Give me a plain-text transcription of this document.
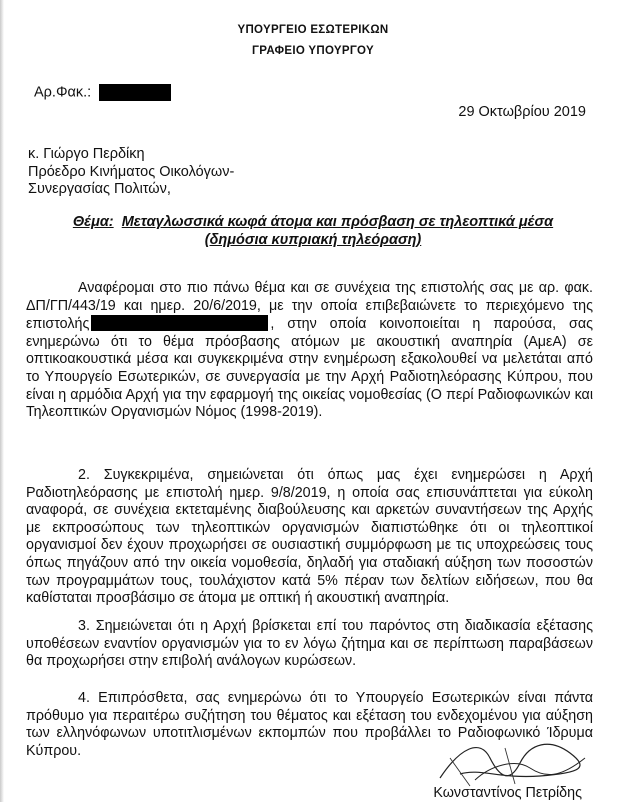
ΥΠΟΥΡΓΕΙΟ ΕΣΩΤΕΡΙΚΩΝ
ΓΡΑΦΕΙΟ ΥΠΟΥΡΓΟΥ
Αρ.Φακ.:
29 Οκτωβρίου 2019
κ. Γιώργο Περδίκη
Πρόεδρο Κινήματος Οικολόγων-
Συνεργασίας Πολιτών,
Θέμα: Μεταγλωσσικά κωφά άτομα και πρόσβαση σε τηλεοπτικά μέσα
(δημόσια κυπριακή τηλεόραση)
Αναφέρομαι στο πιο πάνω θέμα και σε συνέχεια της επιστολής σας με αρ. φακ. ΔΠ/ΓΠ/443/19 και ημερ. 20/6/2019, με την οποία επιβεβαιώνετε το περιεχόμενο της επιστολής	, στην οποία κοινοποιείται η παρούσα, σας ενημερώνω ότι το θέμα πρόσβασης ατόμων με ακουστική αναπηρία (ΑμεΑ) σε οπτικοακουστικά μέσα και συγκεκριμένα στην ενημέρωση εξακολουθεί να μελετάται από το Υπουργείο Εσωτερικών, σε συνεργασία με την Αρχή Ραδιοτηλεόρασης Κύπρου, που είναι η αρμόδια Αρχή για την εφαρμογή της οικείας νομοθεσίας (Ο περί Ραδιοφωνικών και Τηλεοπτικών Οργανισμών Νόμος (1998-2019).
2. Συγκεκριμένα, σημειώνεται ότι όπως μας έχει ενημερώσει η Αρχή Ραδιοτηλεόρασης με επιστολή ημερ. 9/8/2019, η οποία σας επισυνάπτεται για εύκολη αναφορά, σε συνέχεια εκτεταμένης διαβούλευσης και αρκετών συναντήσεων της Αρχής με εκπροσώπους των τηλεοπτικών οργανισμών διαπιστώθηκε ότι οι τηλεοπτικοί οργανισμοί δεν έχουν προχωρήσει σε ουσιαστική συμμόρφωση με τις υποχρεώσεις τους όπως πηγάζουν από την οικεία νομοθεσία, δηλαδή για σταδιακή αύξηση των ποσοστών των προγραμμάτων τους, τουλάχιστον κατά 5% πέραν των δελτίων ειδήσεων, που θα καθίσταται προσβάσιμο σε άτομα με οπτική ή ακουστική αναπηρία.
3. Σημειώνεται ότι η Αρχή βρίσκεται επί του παρόντος στη διαδικασία εξέτασης υποθέσεων εναντίον οργανισμών για το εν λόγω ζήτημα και σε περίπτωση παραβάσεων θα προχωρήσει στην επιβολή ανάλογων κυρώσεων.
4. Επιπρόσθετα, σας ενημερώνω ότι το Υπουργείο Εσωτερικών είναι πάντα πρόθυμο για περαιτέρω συζήτηση του θέματος και εξέταση του ενδεχομένου για αύξηση των ελληνόφωνων υποτιτλισμένων εκπομπών που προβάλλει το Ραδιοφωνικό Ίδρυμα Κύπρου.
Κωνσταντίνος Πετρίδης
